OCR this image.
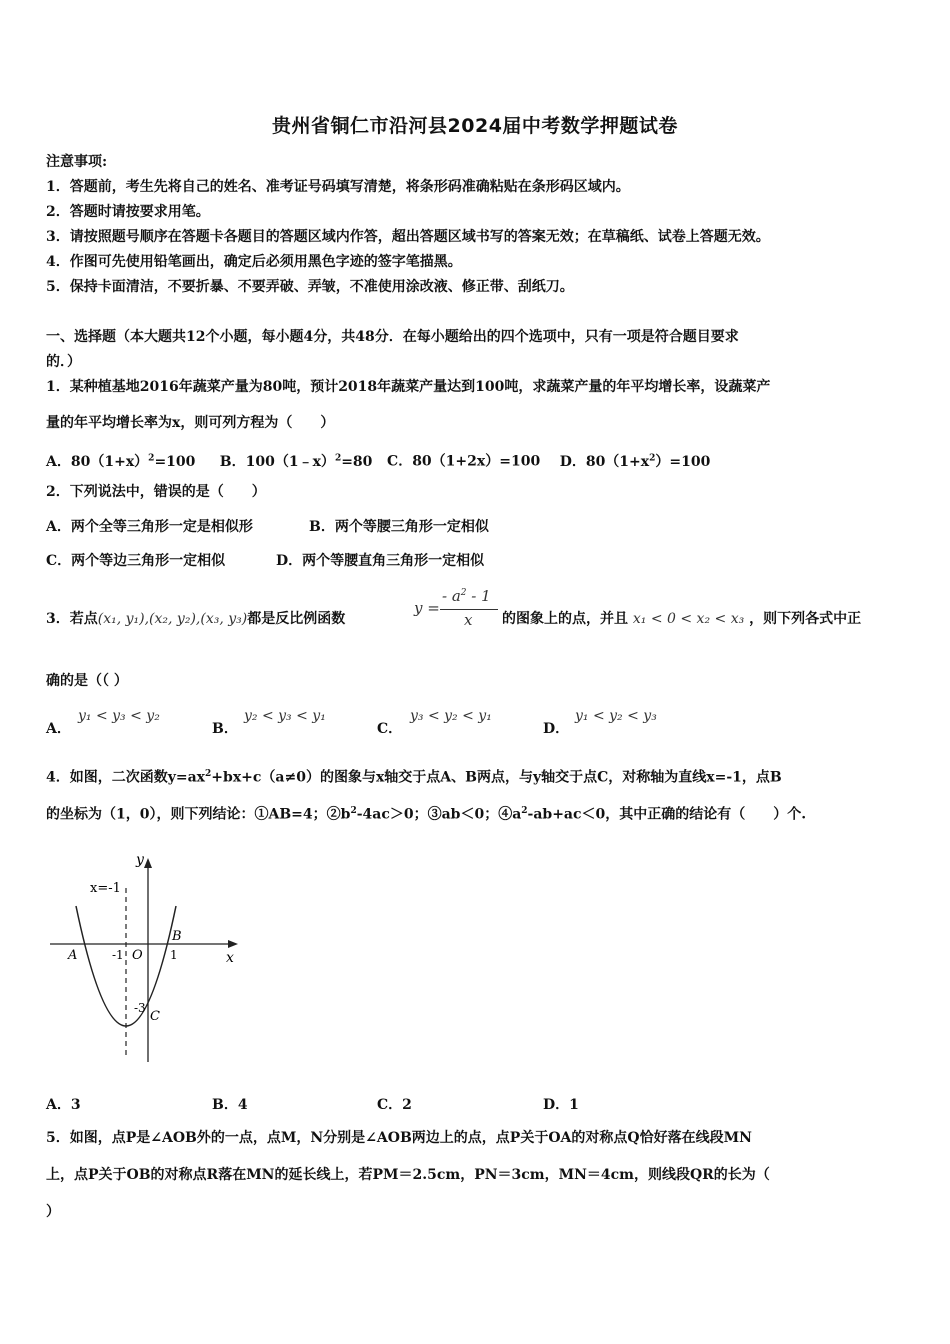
贵州省铜仁市沿河县2024届中考数学押题试卷
注意事项:
1．答题前，考生先将自己的姓名、准考证号码填写清楚，将条形码准确粘贴在条形码区域内。
2．答题时请按要求用笔。
3．请按照题号顺序在答题卡各题目的答题区域内作答，超出答题区域书写的答案无效；在草稿纸、试卷上答题无效。
4．作图可先使用铅笔画出，确定后必须用黑色字迹的签字笔描黑。
5．保持卡面清洁，不要折暴、不要弄破、弄皱，不准使用涂改液、修正带、刮纸刀。
一、选择题（本大题共12个小题，每小题4分，共48分．在每小题给出的四个选项中，只有一项是符合题目要求
的．）
1．某种植基地2016年蔬菜产量为80吨，预计2018年蔬菜产量达到100吨，求蔬菜产量的年平均增长率，设蔬菜产
量的年平均增长率为x，则可列方程为（　　）
A．$80(1+x)^2=100$ B．100（1﹣x）$^2$=80 C．80（1+2x）=100 D．$80(1+x^2)=100$
2．下列说法中，错误的是（　　）
A．两个全等三角形一定是相似形	B．两个等腰三角形一定相似
C．两个等边三角形一定相似	D．两个等腰直角三角形一定相似
3．若点(x₁, y₁),(x₂, y₂),(x₃, y₃)都是反比例函数
y =
- $a^2 - 1$
x 的图象上的点，并且 x₁ < 0 < x₂ < x₃ ，则下列各式中正
确的是（（ ）
A．
y₁ < y₃ < y₂
B．
y₂ < y₃ < y₁
C．
y₃ < y₂ < y₁
D．
y₁ < y₂ < y₃
4．如图，二次函数$y=ax^2+bx+c(a\ne 0)$的图象与x轴交于点A、B两点，与y轴交于点C，对称轴为直线x=-1，点B
的坐标为（1，0），则下列结论：①AB=4；$②b^2-4ac>0$；③ab＜0；$④a^2-ab+ac<0$，其中正确的结论有（　　）个.
y
x
x=-1
A
B
C
O
-1	1
-3
A．3	B．4	C．2	D．1
5．如图，点P是∠AOB外的一点，点M，N分别是∠AOB两边上的点，点P关于OA的对称点Q恰好落在线段MN
上，点P关于OB的对称点R落在MN的延长线上，若PM＝2.5cm，PN＝3cm，MN＝4cm，则线段QR的长为（
）
